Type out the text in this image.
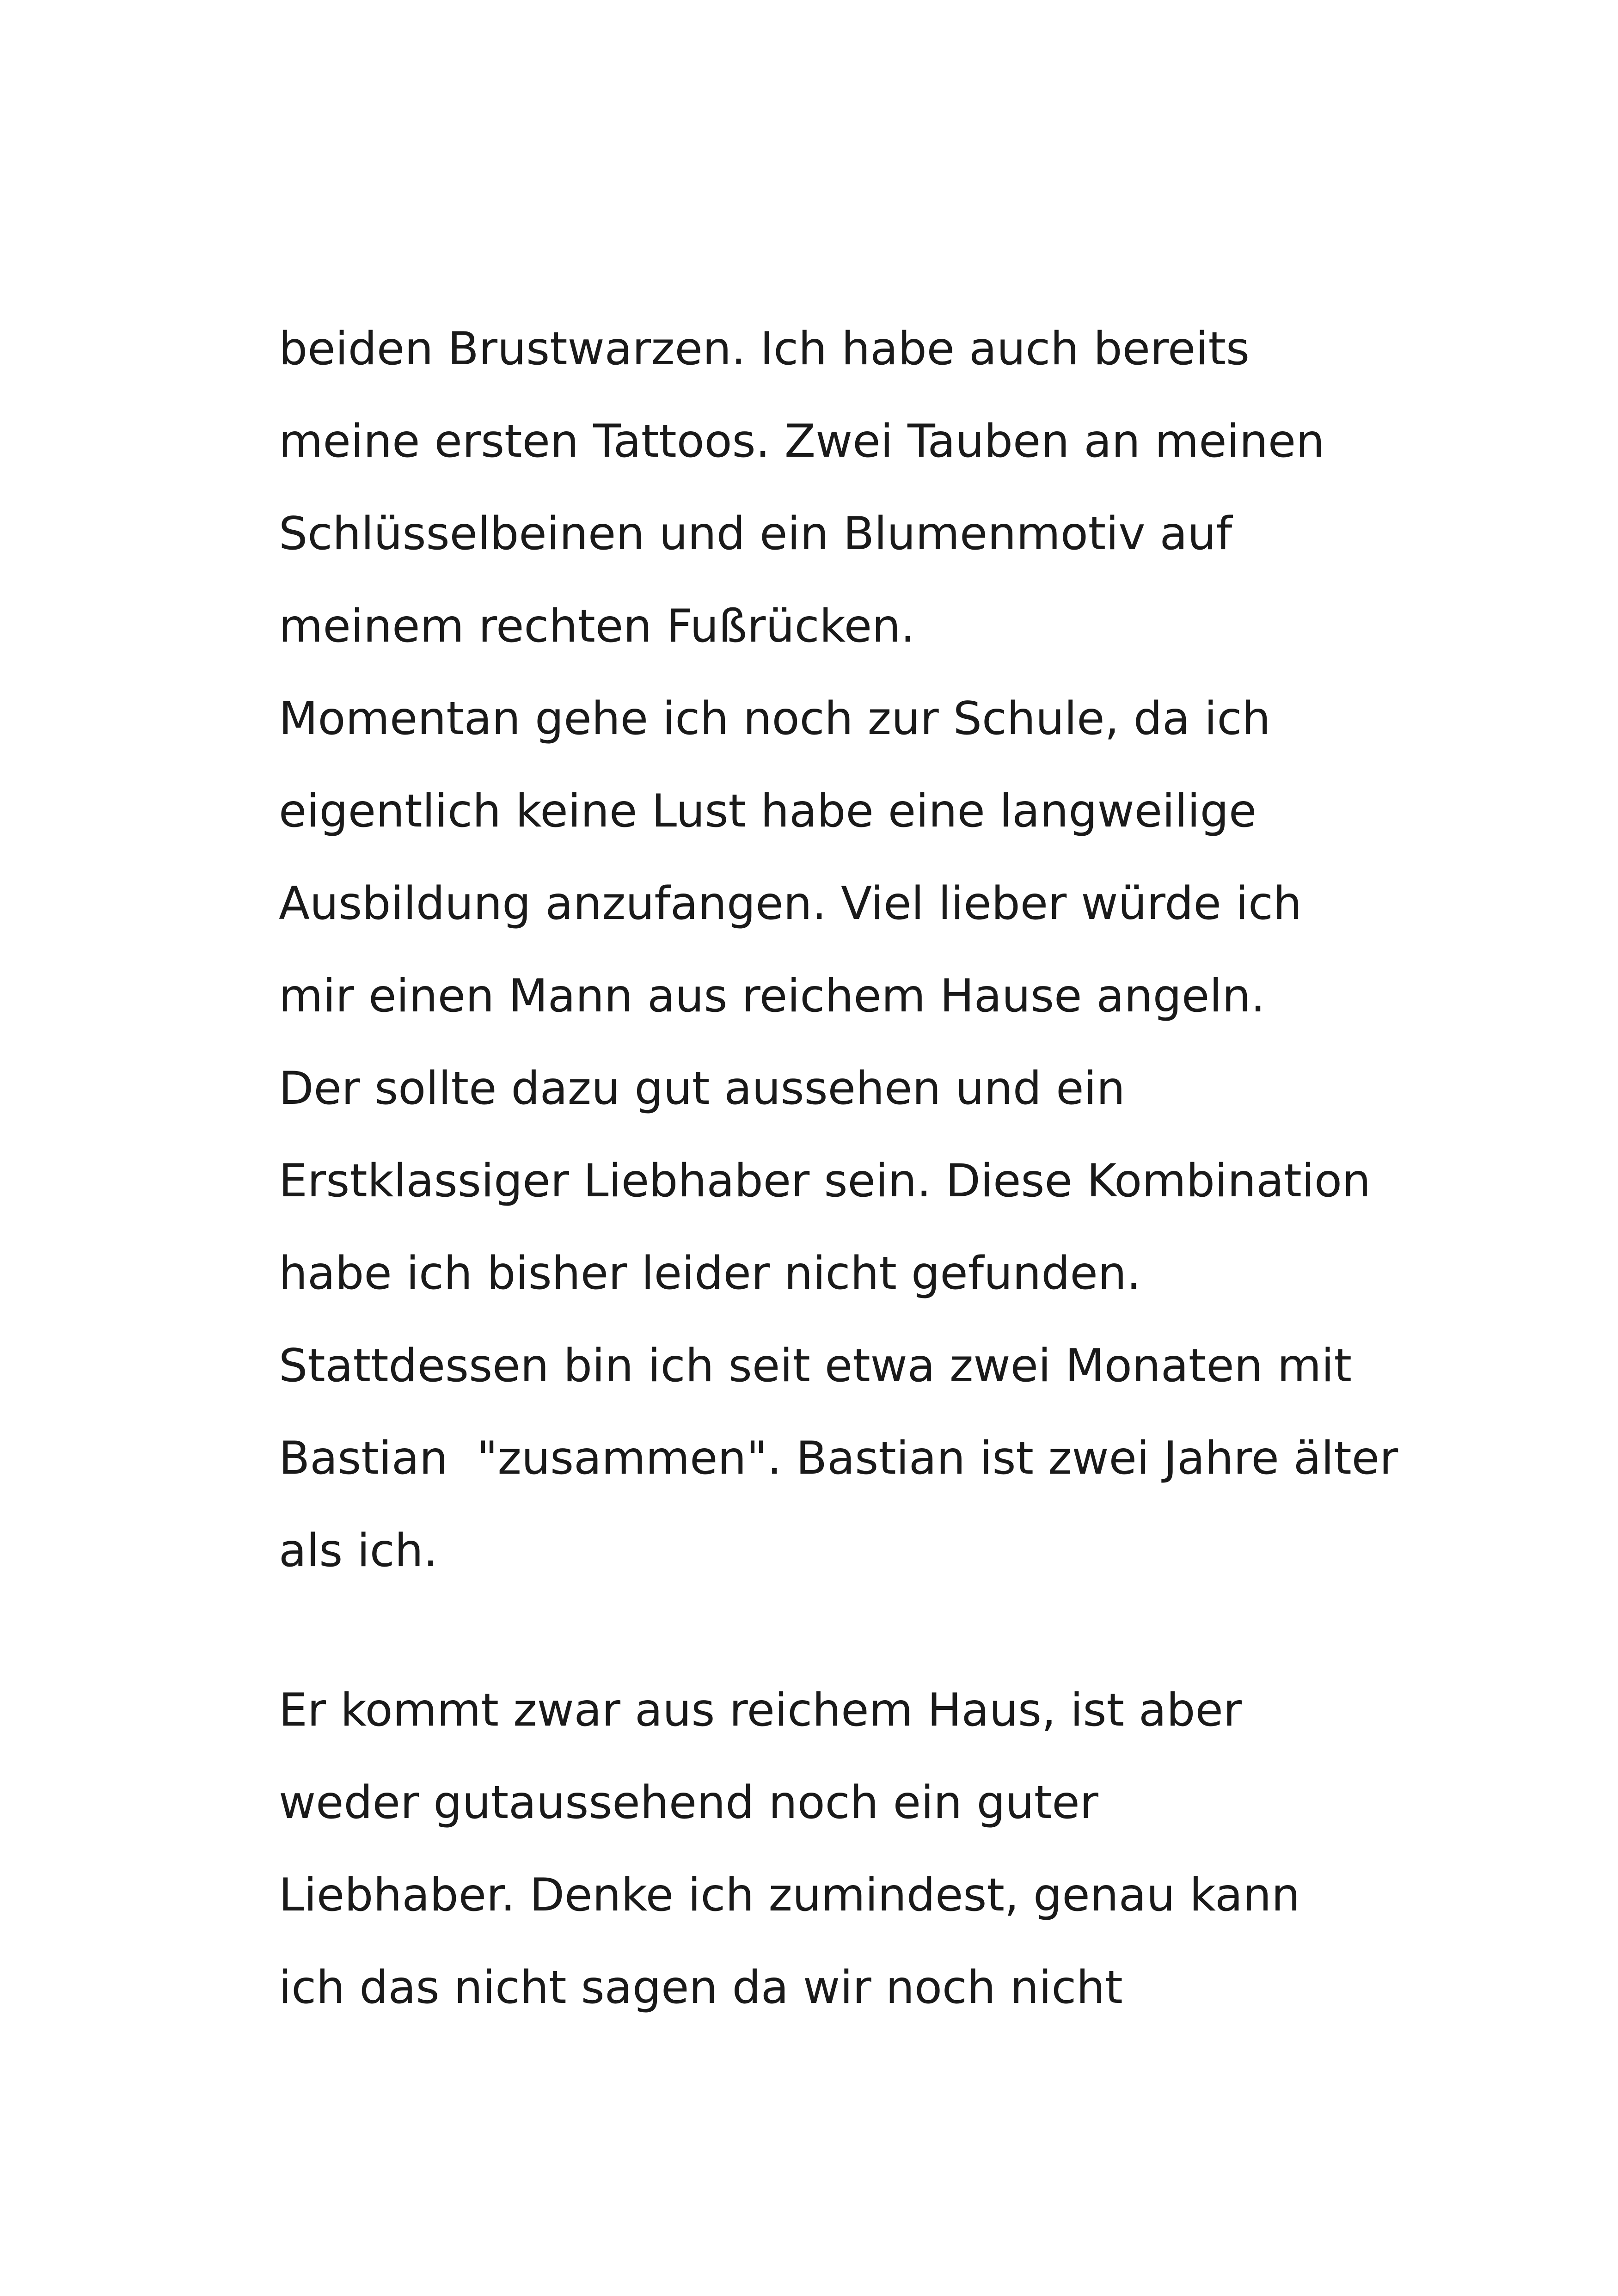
beiden Brustwarzen. Ich habe auch bereits
meine ersten Tattoos. Zwei Tauben an meinen
Schlüsselbeinen und ein Blumenmotiv auf
meinem rechten Fußrücken.
Momentan gehe ich noch zur Schule, da ich
eigentlich keine Lust habe eine langweilige
Ausbildung anzufangen. Viel lieber würde ich
mir einen Mann aus reichem Hause angeln.
Der sollte dazu gut aussehen und ein
Erstklassiger Liebhaber sein. Diese Kombination
habe ich bisher leider nicht gefunden.
Stattdessen bin ich seit etwa zwei Monaten mit
Bastian  "zusammen". Bastian ist zwei Jahre älter
als ich.
Er kommt zwar aus reichem Haus, ist aber
weder gutaussehend noch ein guter
Liebhaber. Denke ich zumindest, genau kann
ich das nicht sagen da wir noch nicht
